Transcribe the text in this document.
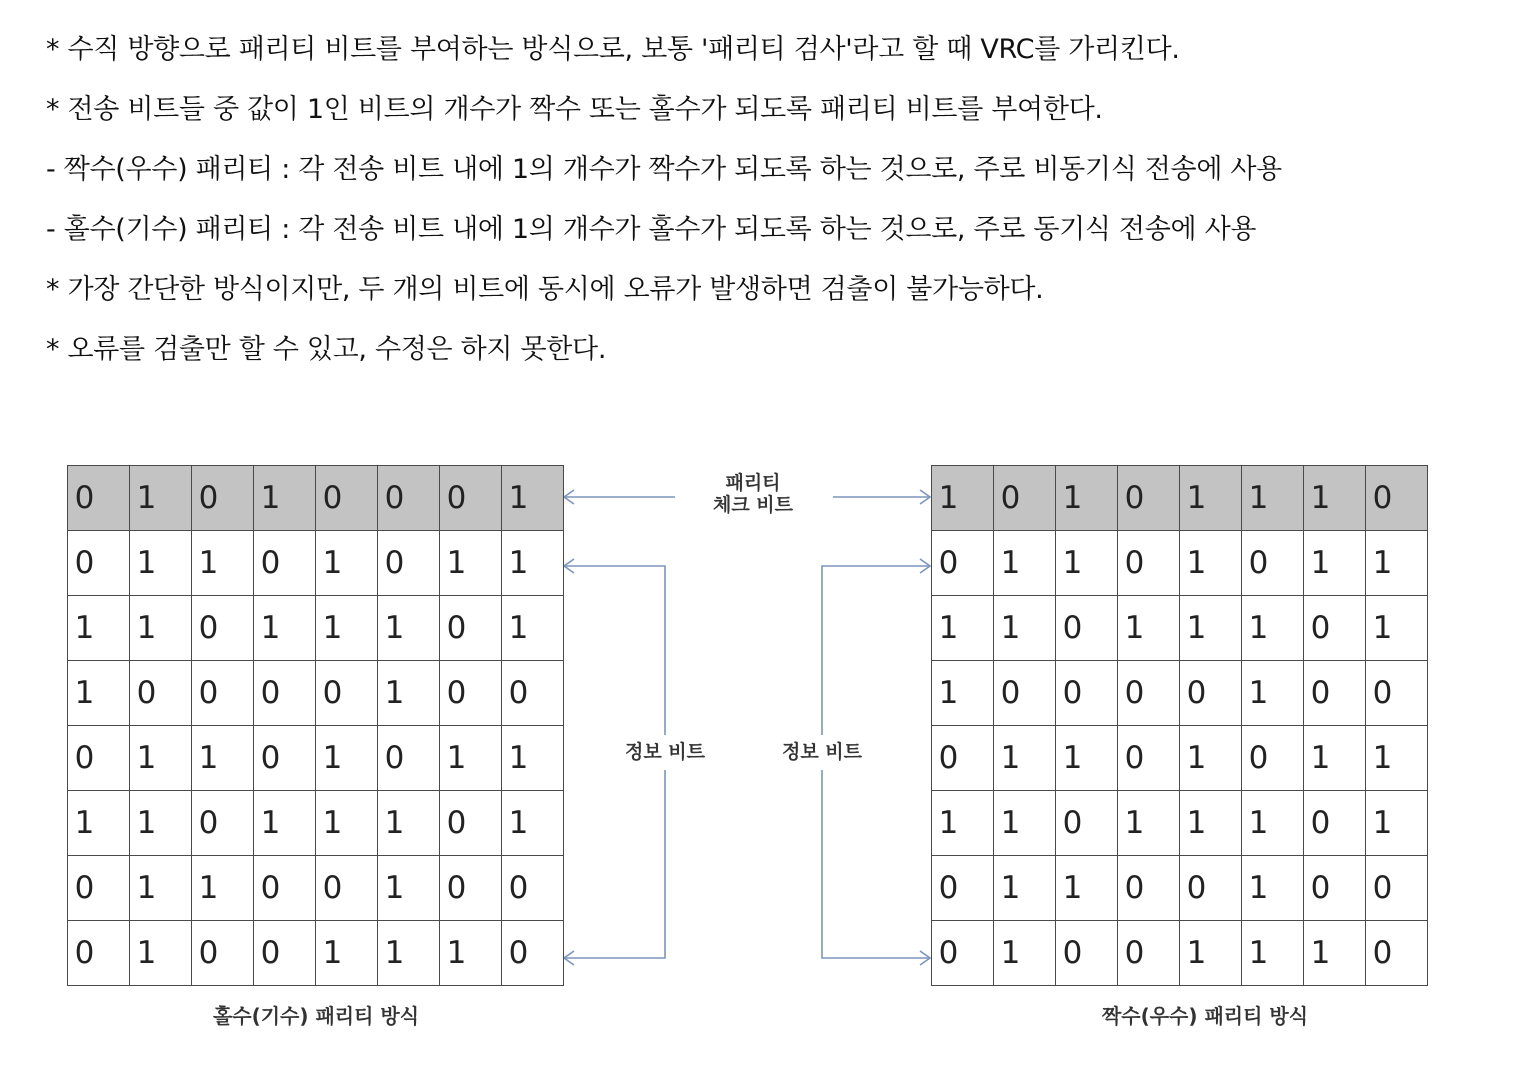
* 수직 방향으로 패리티 비트를 부여하는 방식으로, 보통 '패리티 검사'라고 할 때 VRC를 가리킨다.
* 전송 비트들 중 값이 1인 비트의 개수가 짝수 또는 홀수가 되도록 패리티 비트를 부여한다.
- 짝수(우수) 패리티 : 각 전송 비트 내에 1의 개수가 짝수가 되도록 하는 것으로, 주로 비동기식 전송에 사용
- 홀수(기수) 패리티 : 각 전송 비트 내에 1의 개수가 홀수가 되도록 하는 것으로, 주로 동기식 전송에 사용
* 가장 간단한 방식이지만, 두 개의 비트에 동시에 오류가 발생하면 검출이 불가능하다.
* 오류를 검출만 할 수 있고, 수정은 하지 못한다.
0	1	0	1	0	0	0	1
0	1	1	0	1	0	1	1
1	1	0	1	1	1	0	1
1	0	0	0	0	1	0	0
0	1	1	0	1	0	1	1
1	1	0	1	1	1	0	1
0	1	1	0	0	1	0	0
0	1	0	0	1	1	1	0
1	0	1	0	1	1	1	0
0	1	1	0	1	0	1	1
1	1	0	1	1	1	0	1
1	0	0	0	0	1	0	0
0	1	1	0	1	0	1	1
1	1	0	1	1	1	0	1
0	1	1	0	0	1	0	0
0	1	0	0	1	1	1	0
패리티
체크 비트
정보 비트	정보 비트
홀수(기수) 패리티 방식	짝수(우수) 패리티 방식
